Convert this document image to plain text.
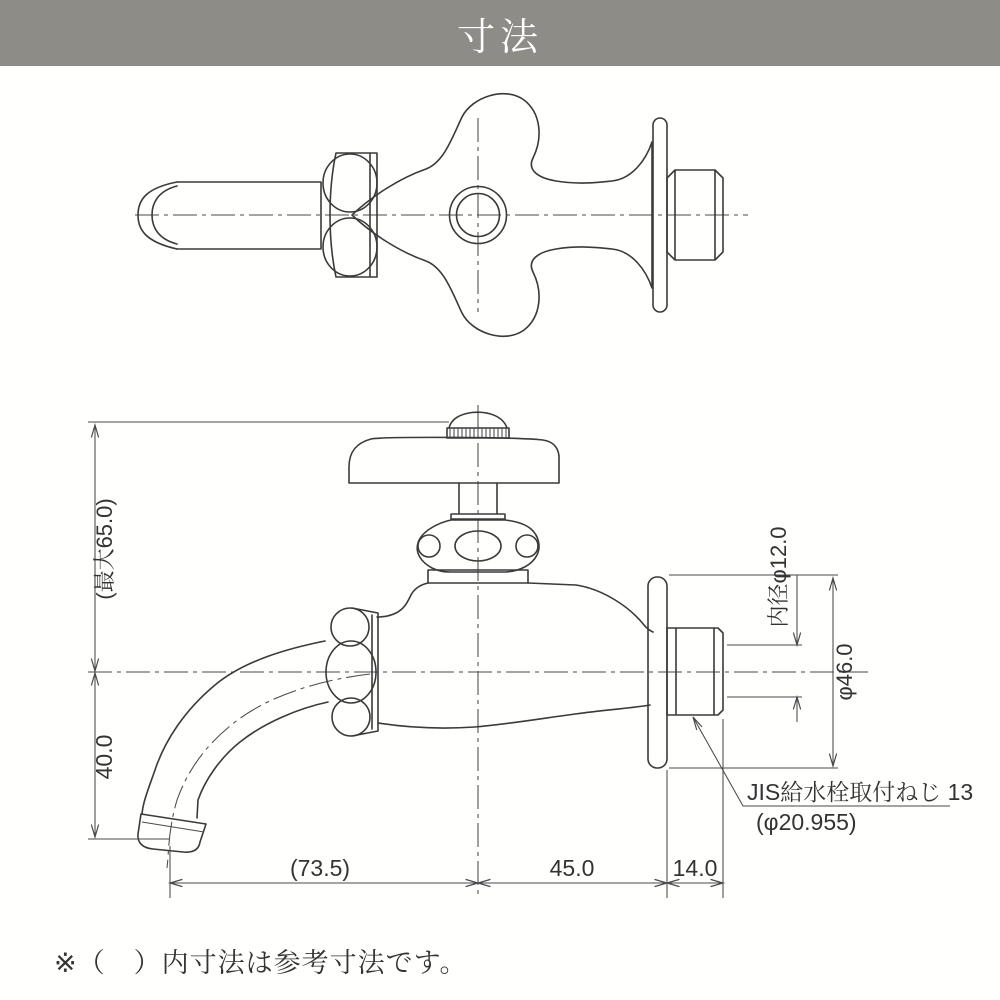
寸法
(最大65.0)
40.0
(73.5)	45.0	14.0
内径φ12.0
φ46.0
JIS給水栓取付ねじ 13
(φ20.955)
※（　）内寸法は参考寸法です。
